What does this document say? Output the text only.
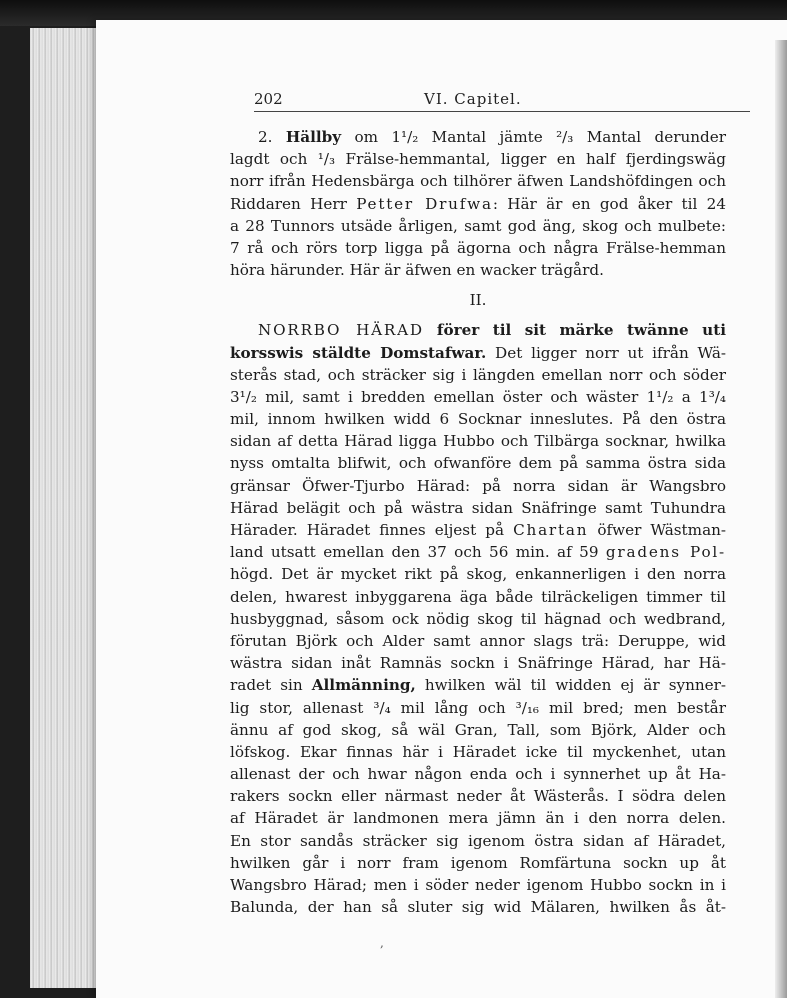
202	VI. Capitel.
2. Hällby om 1¹/₂ Mantal jämte ²/₃ Mantal derunder
lagdt och ¹/₃ Frälse-hemmantal, ligger en half fjerdingswäg
norr ifrån Hedensbärga och tilhörer äfwen Landshöfdingen och
Riddaren Herr Petter Drufwa: Här är en god åker til 24
a 28 Tunnors utsäde årligen, samt god äng, skog och mulbete:
7 rå och rörs torp ligga på ägorna och några Frälse-hemman
höra härunder. Här är äfwen en wacker trägård.
II.
NORRBO HÄRAD förer til sit märke twänne uti
korsswis stäldte Domstafwar. Det ligger norr ut ifrån Wä-
sterås stad, och sträcker sig i längden emellan norr och söder
3¹/₂ mil, samt i bredden emellan öster och wäster 1¹/₂ a 1³/₄
mil, innom hwilken widd 6 Socknar inneslutes. På den östra
sidan af detta Härad ligga Hubbo och Tilbärga socknar, hwilka
nyss omtalta blifwit, och ofwanföre dem på samma östra sida
gränsar Öfwer-Tjurbo Härad: på norra sidan är Wangsbro
Härad belägit och på wästra sidan Snäfringe samt Tuhundra
Härader. Häradet finnes eljest på Chartan öfwer Wästman-
land utsatt emellan den 37 och 56 min. af 59 gradens Pol-
högd. Det är mycket rikt på skog, enkannerligen i den norra
delen, hwarest inbyggarena äga både tilräckeligen timmer til
husbyggnad, såsom ock nödig skog til hägnad och wedbrand,
förutan Björk och Alder samt annor slags trä: Deruppe, wid
wästra sidan inåt Ramnäs sockn i Snäfringe Härad, har Hä-
radet sin Allmänning, hwilken wäl til widden ej är synner-
lig stor, allenast ³/₄ mil lång och ³/₁₆ mil bred; men består
ännu af god skog, så wäl Gran, Tall, som Björk, Alder och
löfskog. Ekar finnas här i Häradet icke til myckenhet, utan
allenast der och hwar någon enda och i synnerhet up åt Ha-
rakers sockn eller närmast neder åt Wästerås. I södra delen
af Häradet är landmonen mera jämn än i den norra delen.
En stor sandås sträcker sig igenom östra sidan af Häradet,
hwilken går i norr fram igenom Romfärtuna sockn up åt
Wangsbro Härad; men i söder neder igenom Hubbo sockn in i
Balunda, der han så sluter sig wid Mälaren, hwilken ås åt-
,
